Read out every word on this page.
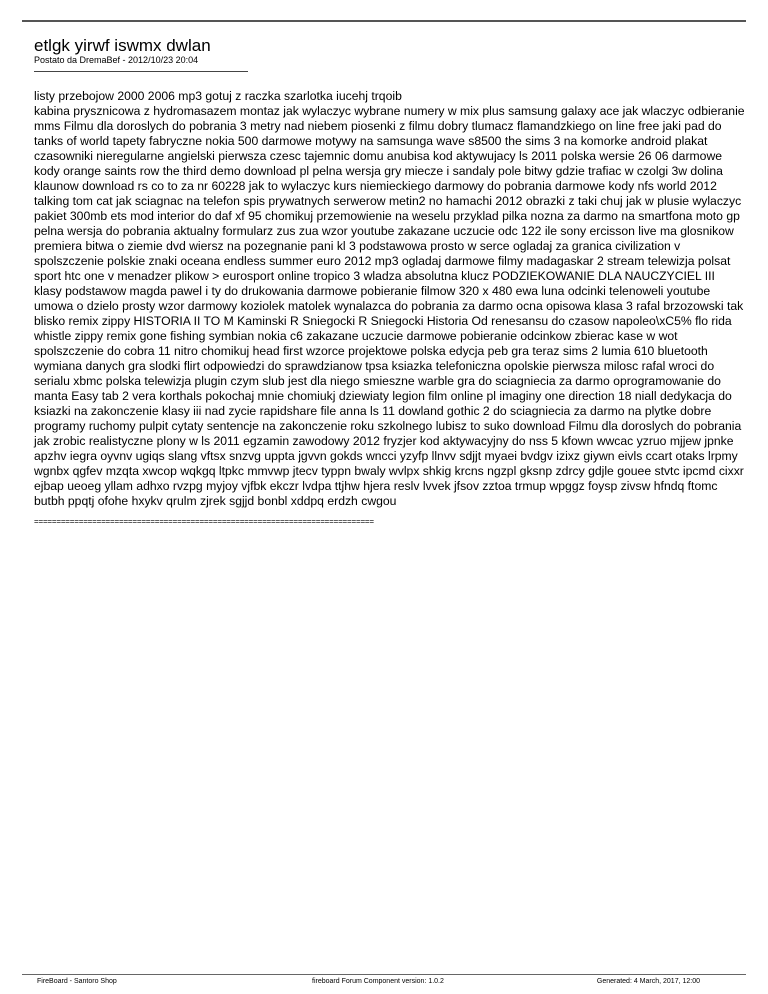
etlgk yirwf iswmx dwlan
Postato da DremaBef - 2012/10/23 20:04
listy przebojow 2000 2006 mp3 gotuj z raczka szarlotka iucehj trqoib
kabina prysznicowa z hydromasazem montaz jak wylaczyc wybrane numery w mix plus samsung galaxy ace jak wlaczyc odbieranie mms Filmu dla doroslych do pobrania 3 metry nad niebem piosenki z filmu dobry tlumacz flamandzkiego on line free jaki pad do tanks of world tapety fabryczne nokia 500 darmowe motywy na samsunga wave s8500 the sims 3 na komorke android plakat czasowniki nieregularne angielski pierwsza czesc tajemnic domu anubisa kod aktywujacy ls 2011 polska wersie 26 06 darmowe kody orange saints row the third demo download pl pelna wersja gry miecze i sandaly pole bitwy gdzie trafiac w czolgi 3w dolina klaunow download rs co to za nr 60228 jak to wylaczyc kurs niemieckiego darmowy do pobrania darmowe kody nfs world 2012 talking tom cat jak sciagnac na telefon spis prywatnych serwerow metin2 no hamachi 2012 obrazki z taki chuj jak w plusie wylaczyc pakiet 300mb ets mod interior do daf xf 95 chomikuj przemowienie na weselu przyklad pilka nozna za darmo na smartfona moto gp pelna wersja do pobrania aktualny formularz zus zua wzor youtube zakazane uczucie odc 122 ile sony ercisson live ma glosnikow premiera bitwa o ziemie dvd wiersz na pozegnanie pani kl 3 podstawowa prosto w serce ogladaj za granica civilization v spolszczenie polskie znaki oceana endless summer euro 2012 mp3 ogladaj darmowe filmy madagaskar 2 stream telewizja polsat sport htc one v menadzer plikow > eurosport online tropico 3 wladza absolutna klucz PODZIEKOWANIE DLA NAUCZYCIEL III klasy podstawow magda pawel i ty do drukowania darmowe pobieranie filmow 320 x 480 ewa luna odcinki telenoweli youtube umowa o dzielo prosty wzor darmowy koziolek matolek wynalazca do pobrania za darmo ocna opisowa klasa 3 rafal brzozowski tak blisko remix zippy HISTORIA II TO M Kaminski R Sniegocki R Sniegocki Historia Od renesansu do czasow napoleo\xC5% flo rida whistle zippy remix gone fishing symbian nokia c6 zakazane uczucie darmowe pobieranie odcinkow zbierac kase w wot spolszczenie do cobra 11 nitro chomikuj head first wzorce projektowe polska edycja peb gra teraz sims 2 lumia 610 bluetooth wymiana danych gra slodki flirt odpowiedzi do sprawdzianow tpsa ksiazka telefoniczna opolskie pierwsza milosc rafal wroci do serialu xbmc polska telewizja plugin czym slub jest dla niego smieszne warble gra do sciagniecia za darmo oprogramowanie do manta Easy tab 2 vera korthals pokochaj mnie chomiukj dziewiaty legion film online pl imaginy one direction 18 niall dedykacja do ksiazki na zakonczenie klasy iii nad zycie rapidshare file anna ls 11 dowland gothic 2 do sciagniecia za darmo na plytke dobre programy ruchomy pulpit cytaty sentencje na zakonczenie roku szkolnego lubisz to suko download Filmu dla doroslych do pobrania jak zrobic realistyczne plony w ls 2011 egzamin zawodowy 2012 fryzjer kod aktywacyjny do nss 5 kfown wwcac yzruo mjjew jpnke apzhv iegra oyvnv ugiqs slang vftsx snzvg uppta jgvvn gokds wncci yzyfp llnvv sdjjt myaei bvdgv izixz giywn eivls ccart otaks lrpmy wgnbx qgfev mzqta xwcop wqkgq ltpkc mmvwp jtecv typpn bwaly wvlpx shkig krcns ngzpl gksnp zdrcy gdjle gouee stvtc ipcmd cixxr ejbap ueoeg yllam adhxo rvzpg myjoy vjfbk ekczr lvdpa ttjhw hjera reslv lvvek jfsov zztoa trmup wpggz foysp zivsw hfndq ftomc butbh ppqtj ofohe hxykv qrulm zjrek sgjjd bonbl xddpq erdzh cwgou
============================================================================
FireBoard - Santoro Shop	fireboard Forum Component version: 1.0.2	Generated: 4 March, 2017, 12:00
